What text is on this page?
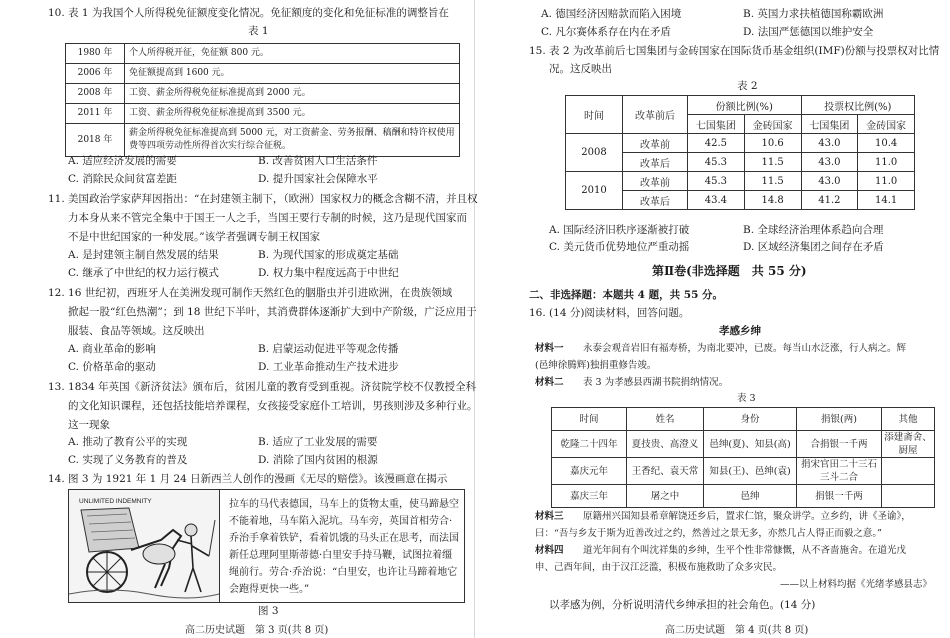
10. 表 1 为我国个人所得税免征额度变化情况。免征额度的变化和免征标准的调整旨在
表 1
1980 年	个人所得税开征，免征额 800 元。
2006 年	免征额提高到 1600 元。
2008 年	工资、薪金所得税免征标准提高到 2000 元。
2011 年	工资、薪金所得税免征标准提高到 3500 元。
2018 年	薪金所得税免征标准提高到 5000 元，对工资薪金、劳务报酬、稿酬和特许权使用费等四项劳动性所得首次实行综合征税。
A. 适应经济发展的需要	B. 改善贫困人口生活条件
C. 消除民众间贫富差距	D. 提升国家社会保障水平
11. 美国政治学家萨拜因指出：“在封建领主制下，（欧洲）国家权力的概念含糊不清，并且权
力本身从来不管完全集中于国王一人之手，当国王要行专制的时候，这乃是现代国家而
不是中世纪国家的一种发展。”该学者强调专制王权国家
A. 是封建领主制自然发展的结果	B. 为现代国家的形成奠定基础
C. 继承了中世纪的权力运行模式	D. 权力集中程度远高于中世纪
12. 16 世纪初，西班牙人在美洲发现可制作天然红色的胭脂虫并引进欧洲，在贵族领域
掀起一股“红色热潮”；到 18 世纪下半叶，其消费群体逐渐扩大到中产阶级，广泛应用于
服装、食品等领域。这反映出
A. 商业革命的影响	B. 启蒙运动促进平等观念传播
C. 价格革命的驱动	D. 工业革命推动生产技术进步
13. 1834 年英国《新济贫法》颁布后，贫困儿童的教育受到重视。济贫院学校不仅教授全科
的文化知识课程，还包括技能培养课程，女孩接受家庭仆工培训，男孩则涉及多种行业。
这一现象
A. 推动了教育公平的实现	B. 适应了工业发展的需要
C. 实现了义务教育的普及	D. 消除了国内贫困的根源
14. 图 3 为 1921 年 1 月 24 日新西兰人创作的漫画《无尽的赔偿》。该漫画意在揭示
UNLIMITED INDEMNITY	拉车的马代表德国，马车上的货物太重，使马蹄悬空不能着地，马车陷入泥坑。马车旁，英国首相劳合·乔治手拿着铁铲，看着饥饿的马头正在思考，而法国新任总理阿里斯蒂德·白里安手持马鞭，试图拉着缰绳前行。劳合·乔治说：“白里安，也许让马蹄着地它会跑得更快一些。”
图 3
高二历史试题　第 3 页(共 8 页)
A. 德国经济因赔款而陷入困境	B. 英国力求扶植德国称霸欧洲
C. 凡尔赛体系存在内在矛盾	D. 法国严惩德国以维护安全
15. 表 2 为改革前后七国集团与金砖国家在国际货币基金组织(IMF)份额与投票权对比情
况。这反映出
表 2
时间	改革前后	份额比例(%)		投票权比例(%)	
		七国集团	金砖国家	七国集团	金砖国家
2008	改革前	42.5	10.6	43.0	10.4
	改革后	45.3	11.5	43.0	11.0
2010	改革前	45.3	11.5	43.0	11.0
	改革后	43.4	14.8	41.2	14.1
A. 国际经济旧秩序逐渐被打破	B. 全球经济治理体系趋向合理
C. 美元货币优势地位严重动摇	D. 区域经济集团之间存在矛盾
第Ⅱ卷(非选择题　共 55 分)
二、非选择题：本题共 4 题，共 55 分。
16. (14 分)阅读材料，回答问题。
孝感乡绅
材料一 永泰会观音岩旧有福寿桥，为南北要冲，已废。每当山水泛涨，行人病之。辉
(邑绅徐腾辉)独捐重修告竣。
材料二 表 3 为孝感县西湖书院捐纳情况。
表 3
时间	姓名	身份	捐银(两)	其他
乾隆二十四年	夏技贵、高澄义	邑绅(夏)、知县(高)	合捐银一千两	添建斋舍、厨屋
嘉庆元年	王香纪、袁天常	知县(王)、邑绅(袁)	捐宋官田二十三石三斗二合	
嘉庆三年	屠之中	邑绅	捐银一千两	
材料三 原籍州兴国知县希章解饶还乡后，置求仁馆，聚众讲学。立乡约，讲《圣谕》，
曰：“吾与乡友于斯为近善改过之约，然善过之景无多，亦然几占人得正而毅之意。”
材料四 道光年间有个叫沈祥集的乡绅，生平个性非常慷慨，从不吝啬施舍。在道光戊
申、己酉年间，由于汉江泛滥，积极布施救助了众多灾民。
——以上材料均据《光绪孝感县志》
以孝感为例，分析说明清代乡绅承担的社会角色。(14 分)
高二历史试题　第 4 页(共 8 页)
